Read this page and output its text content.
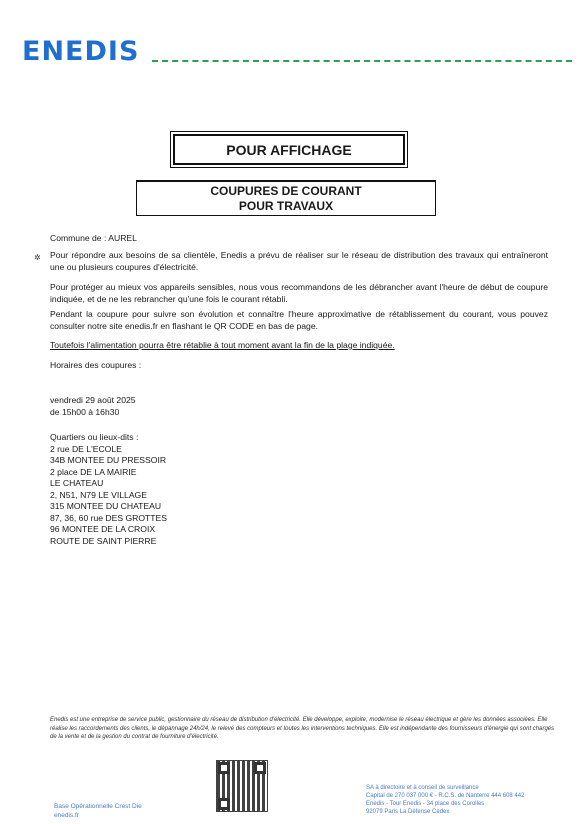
ENEDIS
POUR AFFICHAGE
COUPURES DE COURANT
POUR TRAVAUX
Commune de : AUREL
✲ Pour répondre aux besoins de sa clientèle, Enedis a prévu de réaliser sur le réseau de distribution des travaux qui entraîneront une ou plusieurs coupures d'électricité.
Pour protéger au mieux vos appareils sensibles, nous vous recommandons de les débrancher avant l'heure de début de coupure indiquée, et de ne les rebrancher qu'une fois le courant rétabli.
Pendant la coupure pour suivre son évolution et connaître l'heure approximative de rétablissement du courant, vous pouvez consulter notre site enedis.fr en flashant le QR CODE en bas de page.
Toutefois l'alimentation pourra être rétablie à tout moment avant la fin de la plage indiquée.
Horaires des coupures :
vendredi 29 août 2025
de 15h00 à 16h30
Quartiers ou lieux-dits :
2 rue DE L'ECOLE
34B MONTEE DU PRESSOIR
2 place DE LA MAIRIE
LE CHATEAU
2, N51, N79 LE VILLAGE
315 MONTEE DU CHATEAU
87, 36, 60 rue DES GROTTES
96 MONTEE DE LA CROIX
ROUTE DE SAINT PIERRE
Enedis est une entreprise de service public, gestionnaire du réseau de distribution d'électricité. Elle développe, exploite, modernise le réseau électrique et gère les données associées. Elle réalise les raccordements des clients, le dépannage 24h/24, le relevé des compteurs et toutes les interventions techniques. Elle est indépendante des fournisseurs d'énergie qui sont chargés de la vente et de la gestion du contrat de fourniture d'électricité.
Base Opérationnelle Crest Die
enedis.fr
SA à directoire et à conseil de surveillance
Capital de 270 037 000 € - R.C.S. de Nanterre 444 608 442
Enedis - Tour Enedis - 34 place des Corolles
92079 Paris La Défense Cedex
